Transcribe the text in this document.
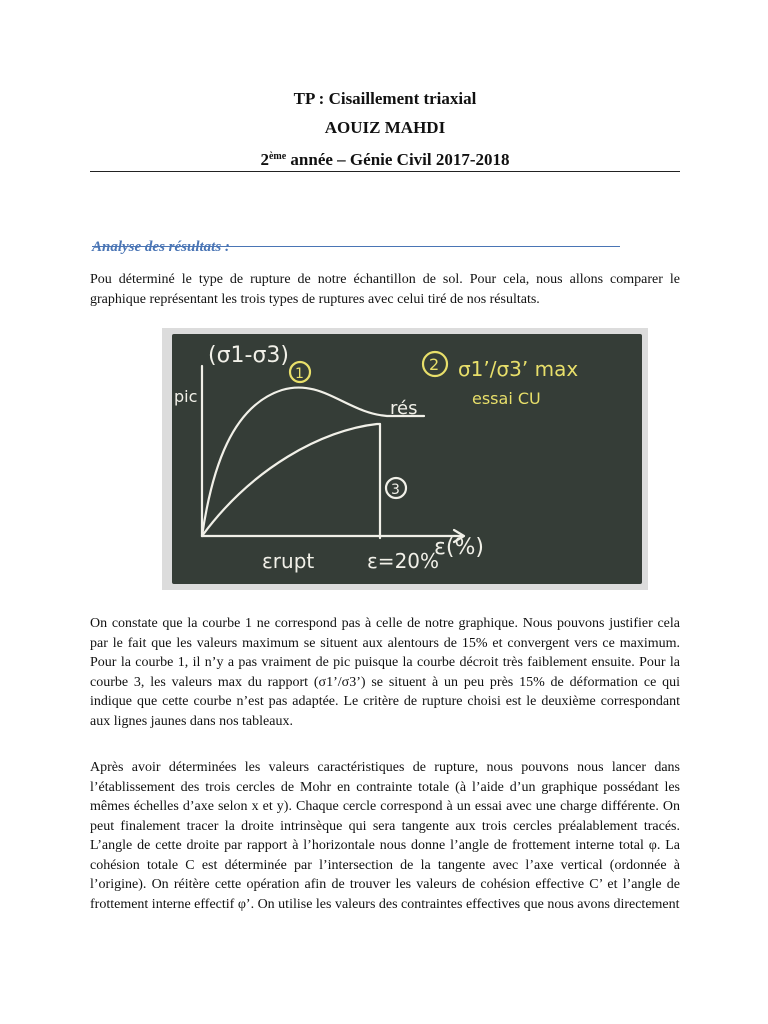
TP : Cisaillement triaxial
AOUIZ MAHDI
2ème année – Génie Civil 2017-2018
Analyse des résultats :
Pou déterminé le type de rupture de notre échantillon de sol. Pour cela, nous allons comparer le graphique représentant les trois types de ruptures avec celui tiré de nos résultats.
(σ1-σ3)
pic
1
3
2
rés
σ1’/σ3’ max
essai CU
ε(%)
εrupt	ε=20%
On constate que la courbe 1 ne correspond pas à celle de notre graphique. Nous pouvons justifier cela par le fait que les valeurs maximum se situent aux alentours de 15% et convergent vers ce maximum. Pour la courbe 1, il n’y a pas vraiment de pic puisque la courbe décroit très faiblement ensuite. Pour la courbe 3, les valeurs max du rapport (σ1’/σ3’) se situent à un peu près 15% de déformation ce qui indique que cette courbe n’est pas adaptée. Le critère de rupture choisi est le deuxième correspondant aux lignes jaunes dans nos tableaux.
Après avoir déterminées les valeurs caractéristiques de rupture, nous pouvons nous lancer dans l’établissement des trois cercles de Mohr en contrainte totale (à l’aide d’un graphique possédant les mêmes échelles d’axe selon x et y). Chaque cercle correspond à un essai avec une charge différente. On peut finalement tracer la droite intrinsèque qui sera tangente aux trois cercles préalablement tracés. L’angle de cette droite par rapport à l’horizontale nous donne l’angle de frottement interne total φ. La cohésion totale C est déterminée par l’intersection de la tangente avec l’axe vertical (ordonnée à l’origine). On réitère cette opération afin de trouver les valeurs de cohésion effective C’ et l’angle de frottement interne effectif φ’. On utilise les valeurs des contraintes effectives que nous avons directement
